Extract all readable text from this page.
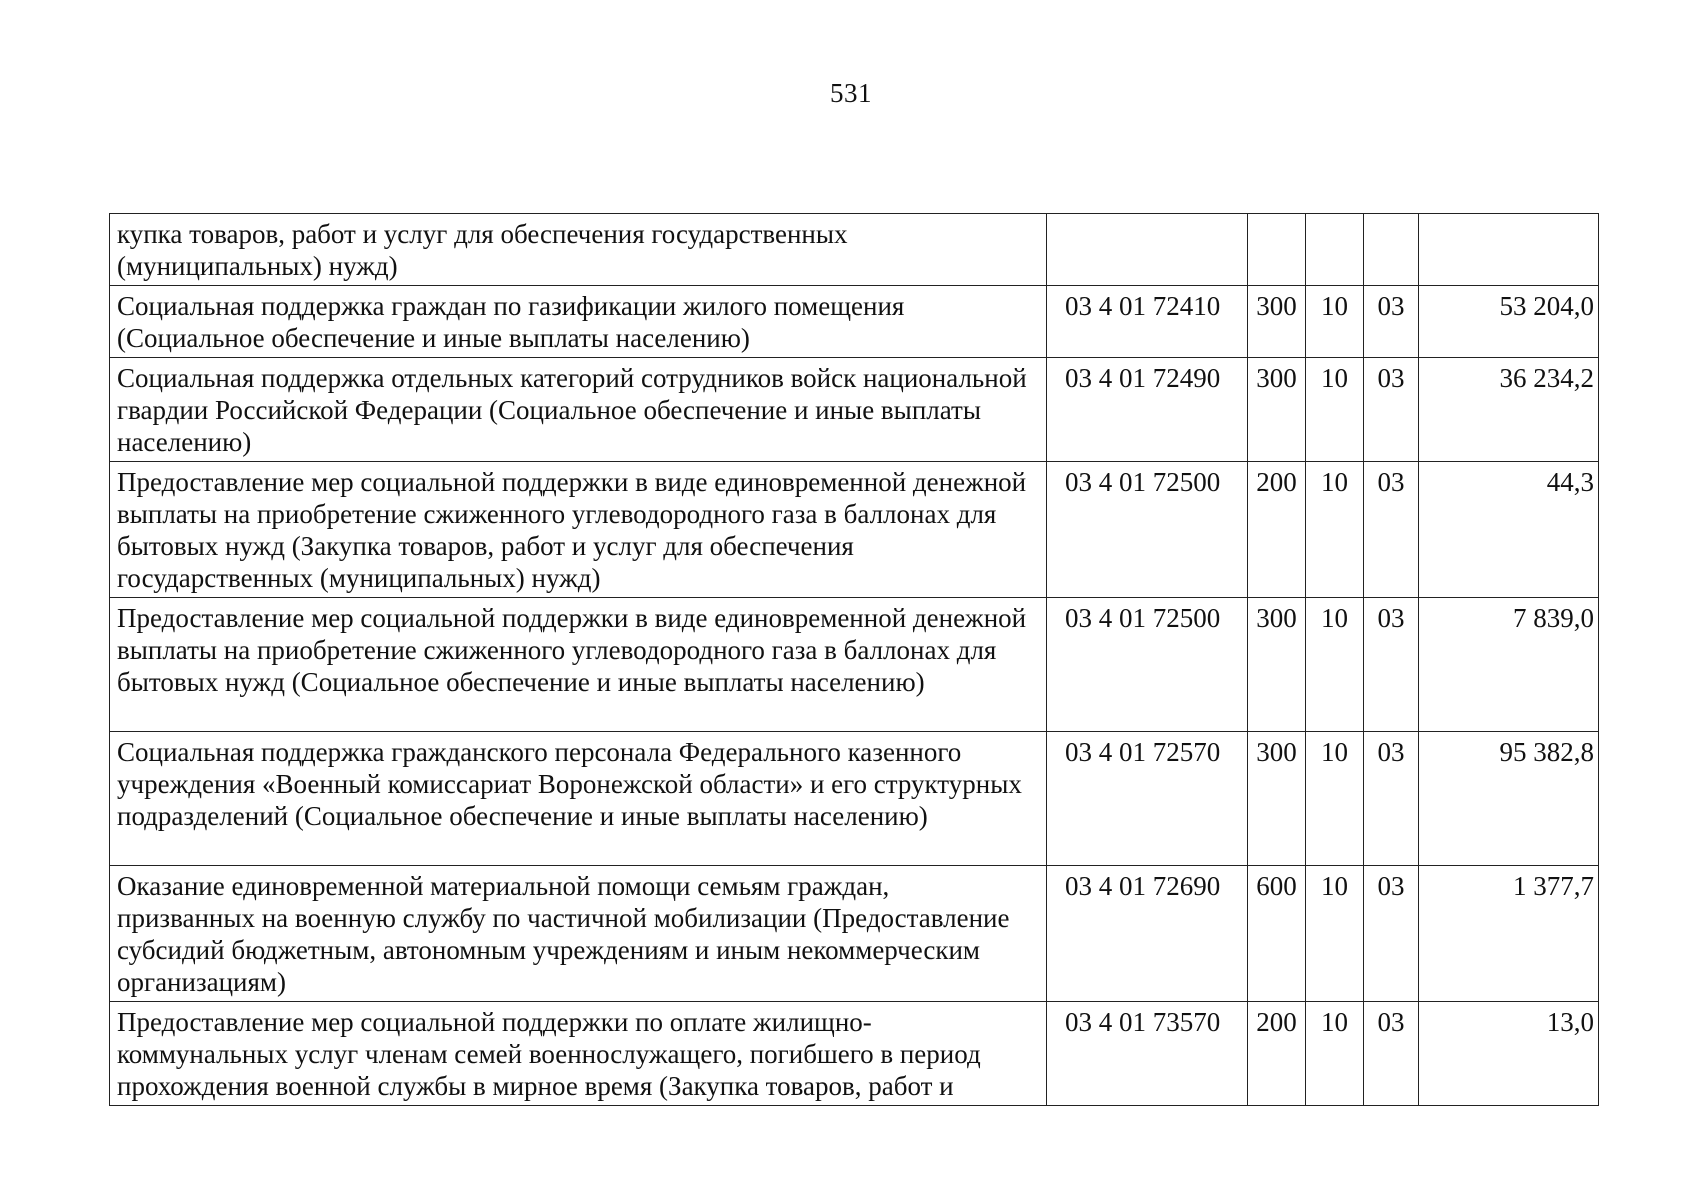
531
купка товаров, работ и услуг для обеспечения государственных (муниципальных) нужд)					
Социальная поддержка граждан по газификации жилого помещения (Социальное обеспечение и иные выплаты населению)	03 4 01 72410	300	10	03	53 204,0
Социальная поддержка отдельных категорий сотрудников войск национальной гвардии Российской Федерации (Социальное обеспечение и иные выплаты населению)	03 4 01 72490	300	10	03	36 234,2
Предоставление мер социальной поддержки в виде единовременной денежной выплаты на приобретение сжиженного углеводородного газа в баллонах для бытовых нужд (Закупка товаров, работ и услуг для обеспечения государственных (муниципальных) нужд)	03 4 01 72500	200	10	03	44,3
Предоставление мер социальной поддержки в виде единовременной денежной выплаты на приобретение сжиженного углеводородного газа в баллонах для бытовых нужд (Социальное обеспечение и иные выплаты населению)	03 4 01 72500	300	10	03	7 839,0
Социальная поддержка гражданского персонала Федерального казенного учреждения «Военный комиссариат Воронежской области» и его структурных подразделений (Социальное обеспечение и иные выплаты населению)	03 4 01 72570	300	10	03	95 382,8
Оказание единовременной материальной помощи семьям граждан, призванных на военную службу по частичной мобилизации (Предоставление субсидий бюджетным, автономным учреждениям и иным некоммерческим организациям)	03 4 01 72690	600	10	03	1 377,7
Предоставление мер социальной поддержки по оплате жилищно-коммунальных услуг членам семей военнослужащего, погибшего в период прохождения военной службы в мирное время (Закупка товаров, работ и	03 4 01 73570	200	10	03	13,0
